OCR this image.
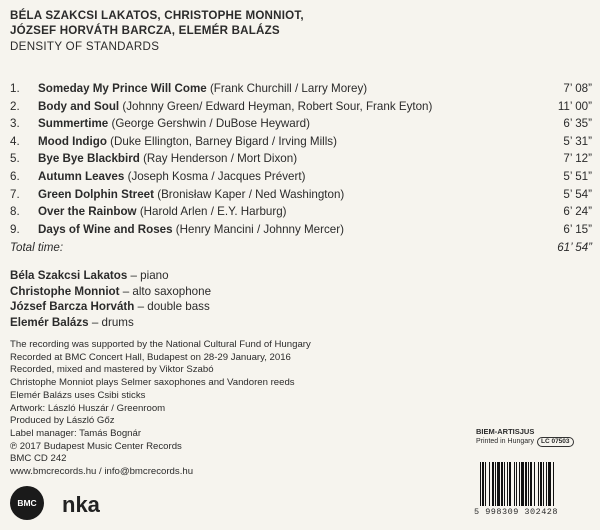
BÉLA SZAKCSI LAKATOS, CHRISTOPHE MONNIOT,
JÓZSEF HORVÁTH BARCZA, ELEMÉR BALÁZS
DENSITY OF STANDARDS
1.	Someday My Prince Will Come (Frank Churchill / Larry Morey)	7’ 08”
2.	Body and Soul (Johnny Green/ Edward Heyman, Robert Sour, Frank Eyton)	11’ 00”
3.	Summertime (George Gershwin / DuBose Heyward)	6’ 35”
4.	Mood Indigo (Duke Ellington, Barney Bigard / Irving Mills)	5’ 31”
5.	Bye Bye Blackbird (Ray Henderson / Mort Dixon)	7’ 12”
6.	Autumn Leaves (Joseph Kosma / Jacques Prévert)	5’ 51”
7.	Green Dolphin Street (Bronisław Kaper / Ned Washington)	5’ 54”
8.	Over the Rainbow (Harold Arlen / E.Y. Harburg)	6’ 24”
9.	Days of Wine and Roses (Henry Mancini / Johnny Mercer)	6’ 15”
Total time:	61’ 54”
Béla Szakcsi Lakatos – piano
Christophe Monniot – alto saxophone
József Barcza Horváth – double bass
Elemér Balázs – drums
The recording was supported by the National Cultural Fund of Hungary
Recorded at BMC Concert Hall, Budapest on 28-29 January, 2016
Recorded, mixed and mastered by Viktor Szabó
Christophe Monniot plays Selmer saxophones and Vandoren reeds
Elemér Balázs uses Csibi sticks
Artwork: László Huszár / Greenroom
Produced by László Gőz
Label manager: Tamás Bognár
℗ 2017 Budapest Music Center Records
BMC CD 242
www.bmcrecords.hu / info@bmcrecords.hu
BIEM-ARTISJUS
Printed in Hungary LC 07503
5 998309 302428
BMC	nka
